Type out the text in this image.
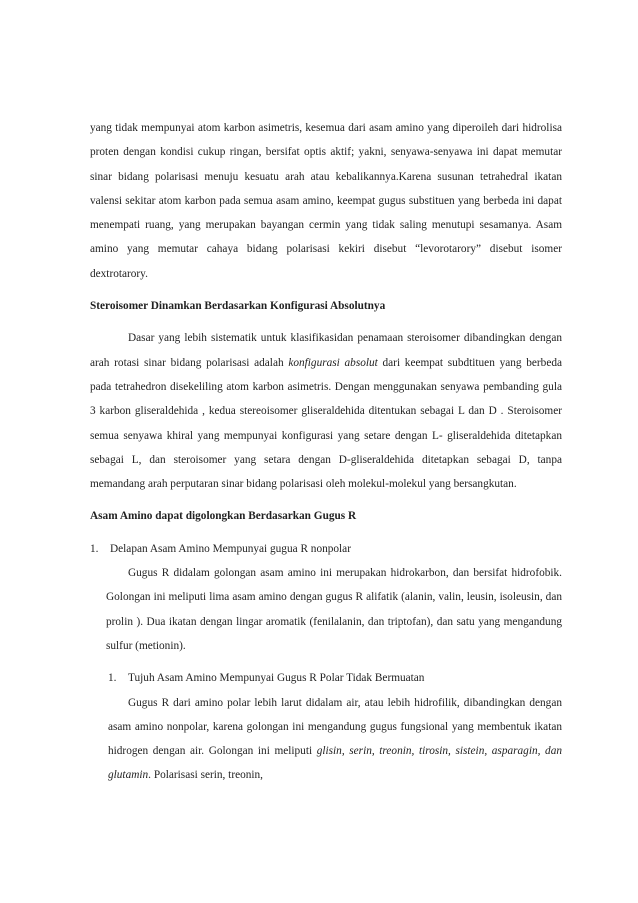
yang tidak mempunyai atom karbon asimetris, kesemua dari asam amino yang diperoileh dari hidrolisa proten dengan kondisi cukup ringan, bersifat optis aktif; yakni, senyawa-senyawa ini dapat memutar sinar bidang polarisasi menuju kesuatu arah atau kebalikannya.Karena susunan tetrahedral ikatan valensi sekitar atom karbon pada semua asam amino, keempat gugus substituen yang berbeda ini dapat menempati ruang, yang merupakan bayangan cermin yang tidak saling menutupi sesamanya. Asam amino yang memutar cahaya bidang polarisasi kekiri disebut “levorotarory” disebut isomer dextrotarory.

Steroisomer Dinamkan Berdasarkan Konfigurasi Absolutnya

Dasar yang lebih sistematik untuk klasifikasidan penamaan steroisomer dibandingkan dengan arah rotasi sinar bidang polarisasi adalah konfigurasi absolut dari keempat subdtituen yang berbeda pada tetrahedron disekeliling atom karbon asimetris. Dengan menggunakan senyawa pembanding gula 3 karbon gliseraldehida , kedua stereoisomer gliseraldehida ditentukan sebagai L dan D . Steroisomer semua senyawa khiral yang mempunyai konfigurasi yang setare dengan L- gliseraldehida ditetapkan sebagai L, dan steroisomer yang setara dengan D-gliseraldehida ditetapkan sebagai D, tanpa memandang arah perputaran sinar bidang polarisasi oleh molekul-molekul yang bersangkutan.

Asam Amino dapat digolongkan Berdasarkan Gugus R

1. Delapan Asam Amino Mempunyai gugua R nonpolar

Gugus R didalam golongan asam amino ini merupakan hidrokarbon, dan bersifat hidrofobik. Golongan ini meliputi lima asam amino dengan gugus R alifatik (alanin, valin, leusin, isoleusin, dan prolin ). Dua ikatan dengan lingar aromatik (fenilalanin, dan triptofan), dan satu yang mengandung sulfur (metionin).

1. Tujuh Asam Amino Mempunyai Gugus R Polar Tidak Bermuatan

Gugus R dari amino polar lebih larut didalam air, atau lebih hidrofilik, dibandingkan dengan asam amino nonpolar, karena golongan ini mengandung gugus fungsional yang membentuk ikatan hidrogen dengan air. Golongan ini meliputi glisin, serin, treonin, tirosin, sistein, asparagin, dan glutamin. Polarisasi serin, treonin,
